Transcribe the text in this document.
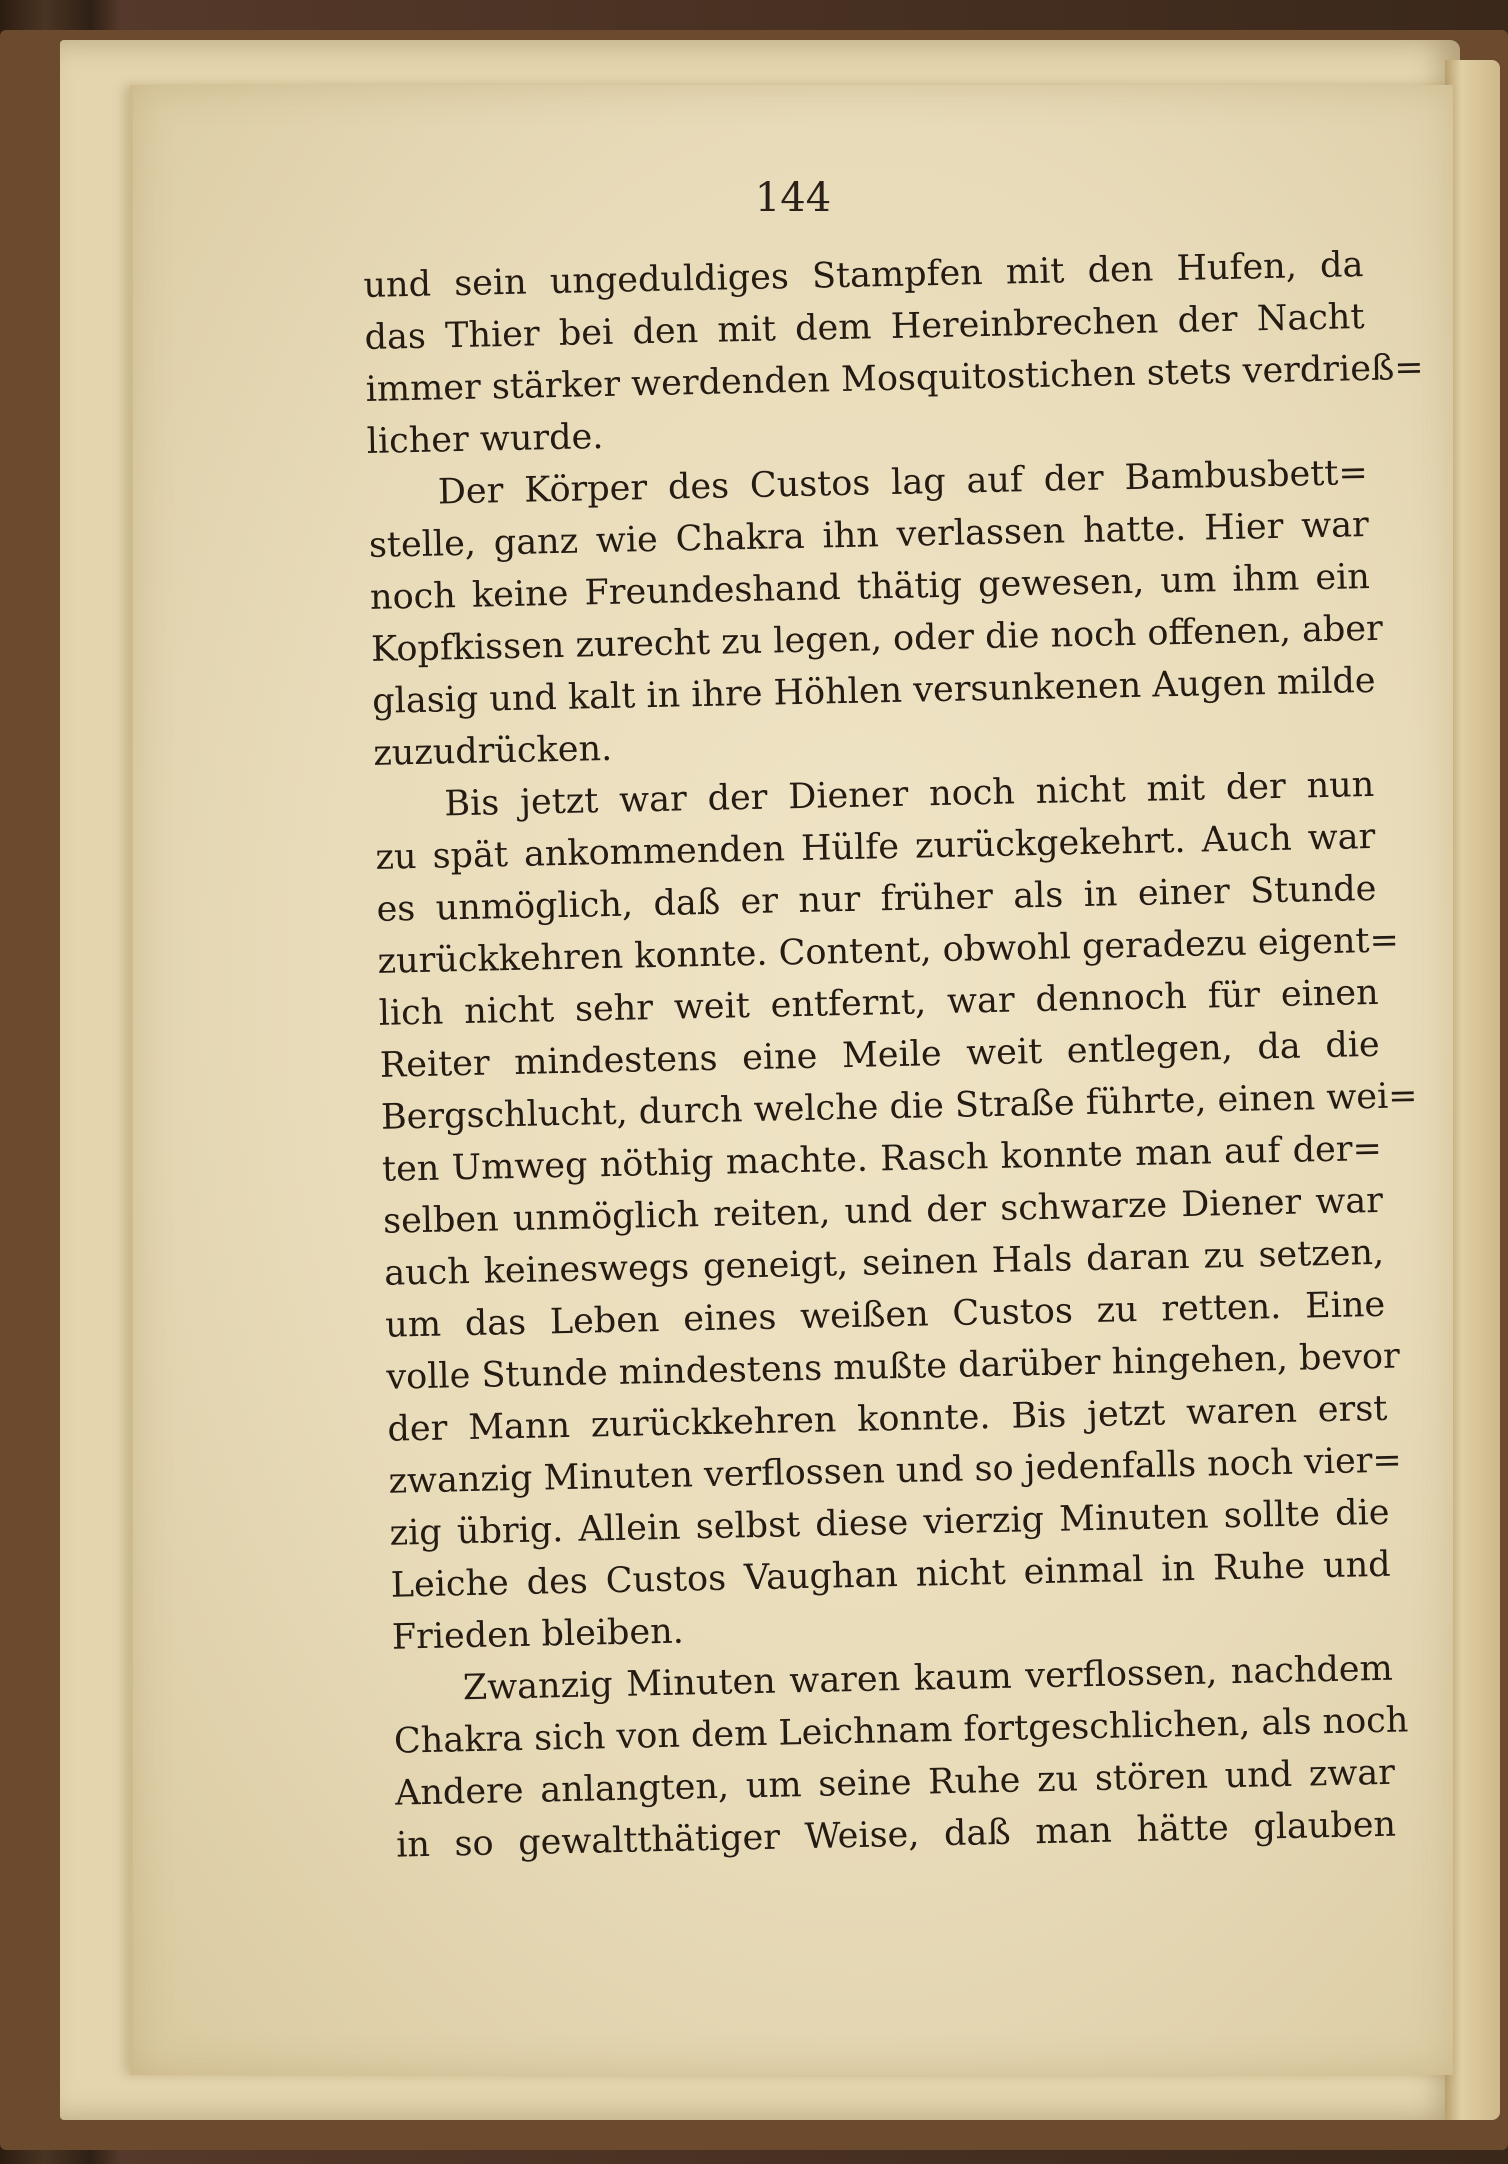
144
und sein ungeduldiges Stampfen mit den Hufen, da
das Thier bei den mit dem Hereinbrechen der Nacht
immer stärker werdenden Mosquitostichen stets verdrieß=
licher wurde.
Der Körper des Custos lag auf der Bambusbett=
stelle, ganz wie Chakra ihn verlassen hatte. Hier war
noch keine Freundeshand thätig gewesen, um ihm ein
Kopfkissen zurecht zu legen, oder die noch offenen, aber
glasig und kalt in ihre Höhlen versunkenen Augen milde
zuzudrücken.
Bis jetzt war der Diener noch nicht mit der nun
zu spät ankommenden Hülfe zurückgekehrt. Auch war
es unmöglich, daß er nur früher als in einer Stunde
zurückkehren konnte. Content, obwohl geradezu eigent=
lich nicht sehr weit entfernt, war dennoch für einen
Reiter mindestens eine Meile weit entlegen, da die
Bergschlucht, durch welche die Straße führte, einen wei=
ten Umweg nöthig machte. Rasch konnte man auf der=
selben unmöglich reiten, und der schwarze Diener war
auch keineswegs geneigt, seinen Hals daran zu setzen,
um das Leben eines weißen Custos zu retten. Eine
volle Stunde mindestens mußte darüber hingehen, bevor
der Mann zurückkehren konnte. Bis jetzt waren erst
zwanzig Minuten verflossen und so jedenfalls noch vier=
zig übrig. Allein selbst diese vierzig Minuten sollte die
Leiche des Custos Vaughan nicht einmal in Ruhe und
Frieden bleiben.
Zwanzig Minuten waren kaum verflossen, nachdem
Chakra sich von dem Leichnam fortgeschlichen, als noch
Andere anlangten, um seine Ruhe zu stören und zwar
in so gewaltthätiger Weise, daß man hätte glauben
